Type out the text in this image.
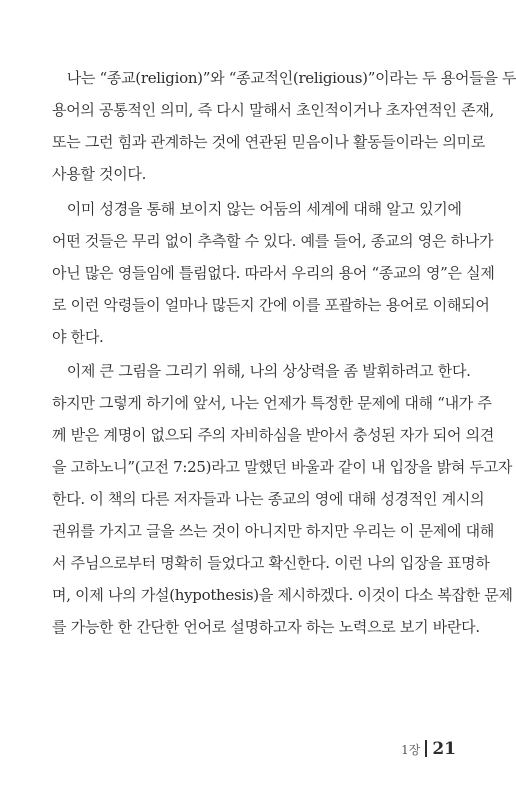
　나는 “종교(religion)”와 “종교적인(religious)”이라는 두 용어들을 두
용어의 공통적인 의미, 즉 다시 말해서 초인적이거나 초자연적인 존재,
또는 그런 힘과 관계하는 것에 연관된 믿음이나 활동들이라는 의미로
사용할 것이다.
　이미 성경을 통해 보이지 않는 어둠의 세계에 대해 알고 있기에
어떤 것들은 무리 없이 추측할 수 있다. 예를 들어, 종교의 영은 하나가
아닌 많은 영들임에 틀림없다. 따라서 우리의 용어 “종교의 영”은 실제
로 이런 악령들이 얼마나 많든지 간에 이를 포괄하는 용어로 이해되어
야 한다.
　이제 큰 그림을 그리기 위해, 나의 상상력을 좀 발휘하려고 한다.
하지만 그렇게 하기에 앞서, 나는 언제가 특정한 문제에 대해 “내가 주
께 받은 계명이 없으되 주의 자비하심을 받아서 충성된 자가 되어 의견
을 고하노니”(고전 7:25)라고 말했던 바울과 같이 내 입장을 밝혀 두고자
한다. 이 책의 다른 저자들과 나는 종교의 영에 대해 성경적인 계시의
권위를 가지고 글을 쓰는 것이 아니지만 하지만 우리는 이 문제에 대해
서 주님으로부터 명확히 들었다고 확신한다. 이런 나의 입장을 표명하
며, 이제 나의 가설(hypothesis)을 제시하겠다. 이것이 다소 복잡한 문제
를 가능한 한 간단한 언어로 설명하고자 하는 노력으로 보기 바란다.
1장 21
